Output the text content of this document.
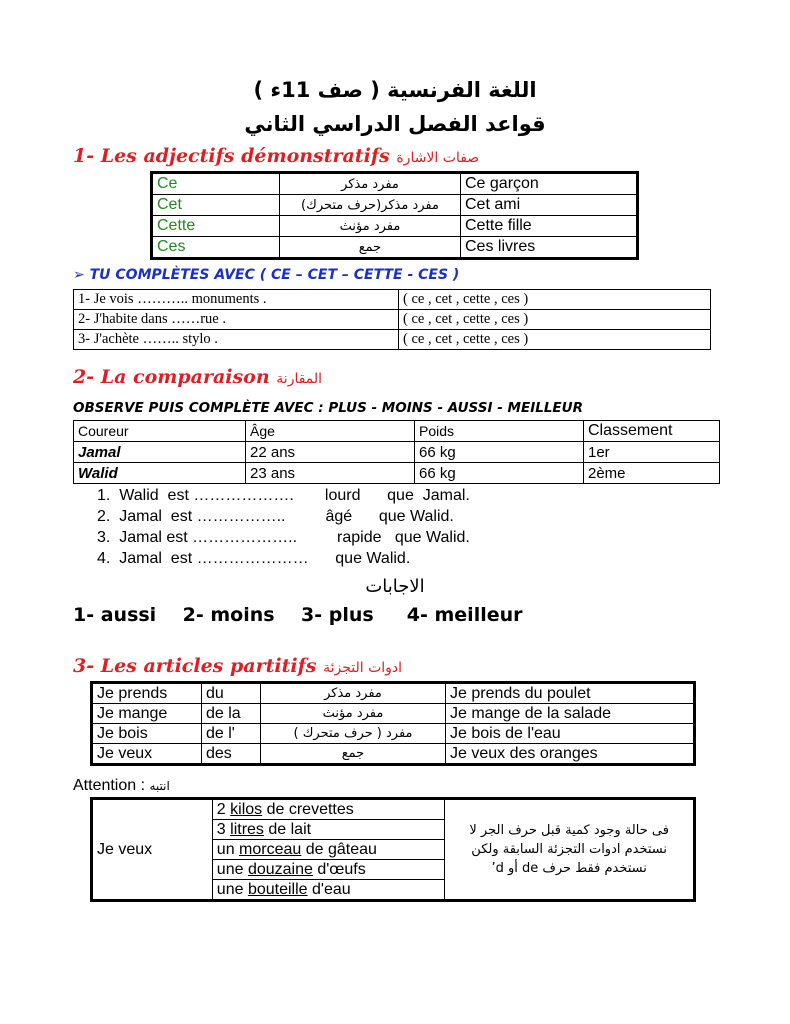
اللغة الفرنسية ( صف 11ء )
قواعد الفصل الدراسي الثاني
1- Les adjectifs démonstratifs صفات الاشارة
Ce	مفرد مذكر	Ce garçon
Cet	مفرد مذكر(حرف متحرك)	Cet ami
Cette	مفرد مؤنث	Cette fille
Ces	جمع	Ces livres
➢ TU COMPLÈTES AVEC ( CE – CET – CETTE - CES )
1- Je vois ……….. monuments .	( ce , cet , cette , ces )
2- J'habite dans ……rue .	( ce , cet , cette , ces )
3- J'achète …….. stylo .	( ce , cet , cette , ces )
2- La comparaison المقارنة
OBSERVE PUIS COMPLÈTE AVEC : PLUS - MOINS - AUSSI - MEILLEUR
Coureur	Âge	Poids	Classement
Jamal	22 ans	66 kg	1er
Walid	23 ans	66 kg	2ème
1.  Walid  est ……………….       lourd      que  Jamal.
2.  Jamal  est ……………..         âgé      que Walid.
3.  Jamal est ………………..         rapide   que Walid.
4.  Jamal  est …………………      que Walid.
الاجابات
1- aussi    2- moins    3- plus     4- meilleur
3- Les articles partitifs ادوات التجزئة
Je prends	du	مفرد مذكر	Je prends du poulet
Je mange	de la	مفرد مؤنث	Je mange de la salade
Je bois	de l'	مفرد ( حرف متحرك )	Je bois de l'eau
Je veux	des	جمع	Je veux des oranges
Attention : انتبه
Je veux	2 kilos de crevettes	فى حالة وجود كمية قبل حرف الجر لا نستخدم ادوات التجزئة السابقة ولكن نستخدم فقط حرف de أو d’
3 litres de lait
un morceau de gâteau
une douzaine d'œufs
une bouteille d'eau
